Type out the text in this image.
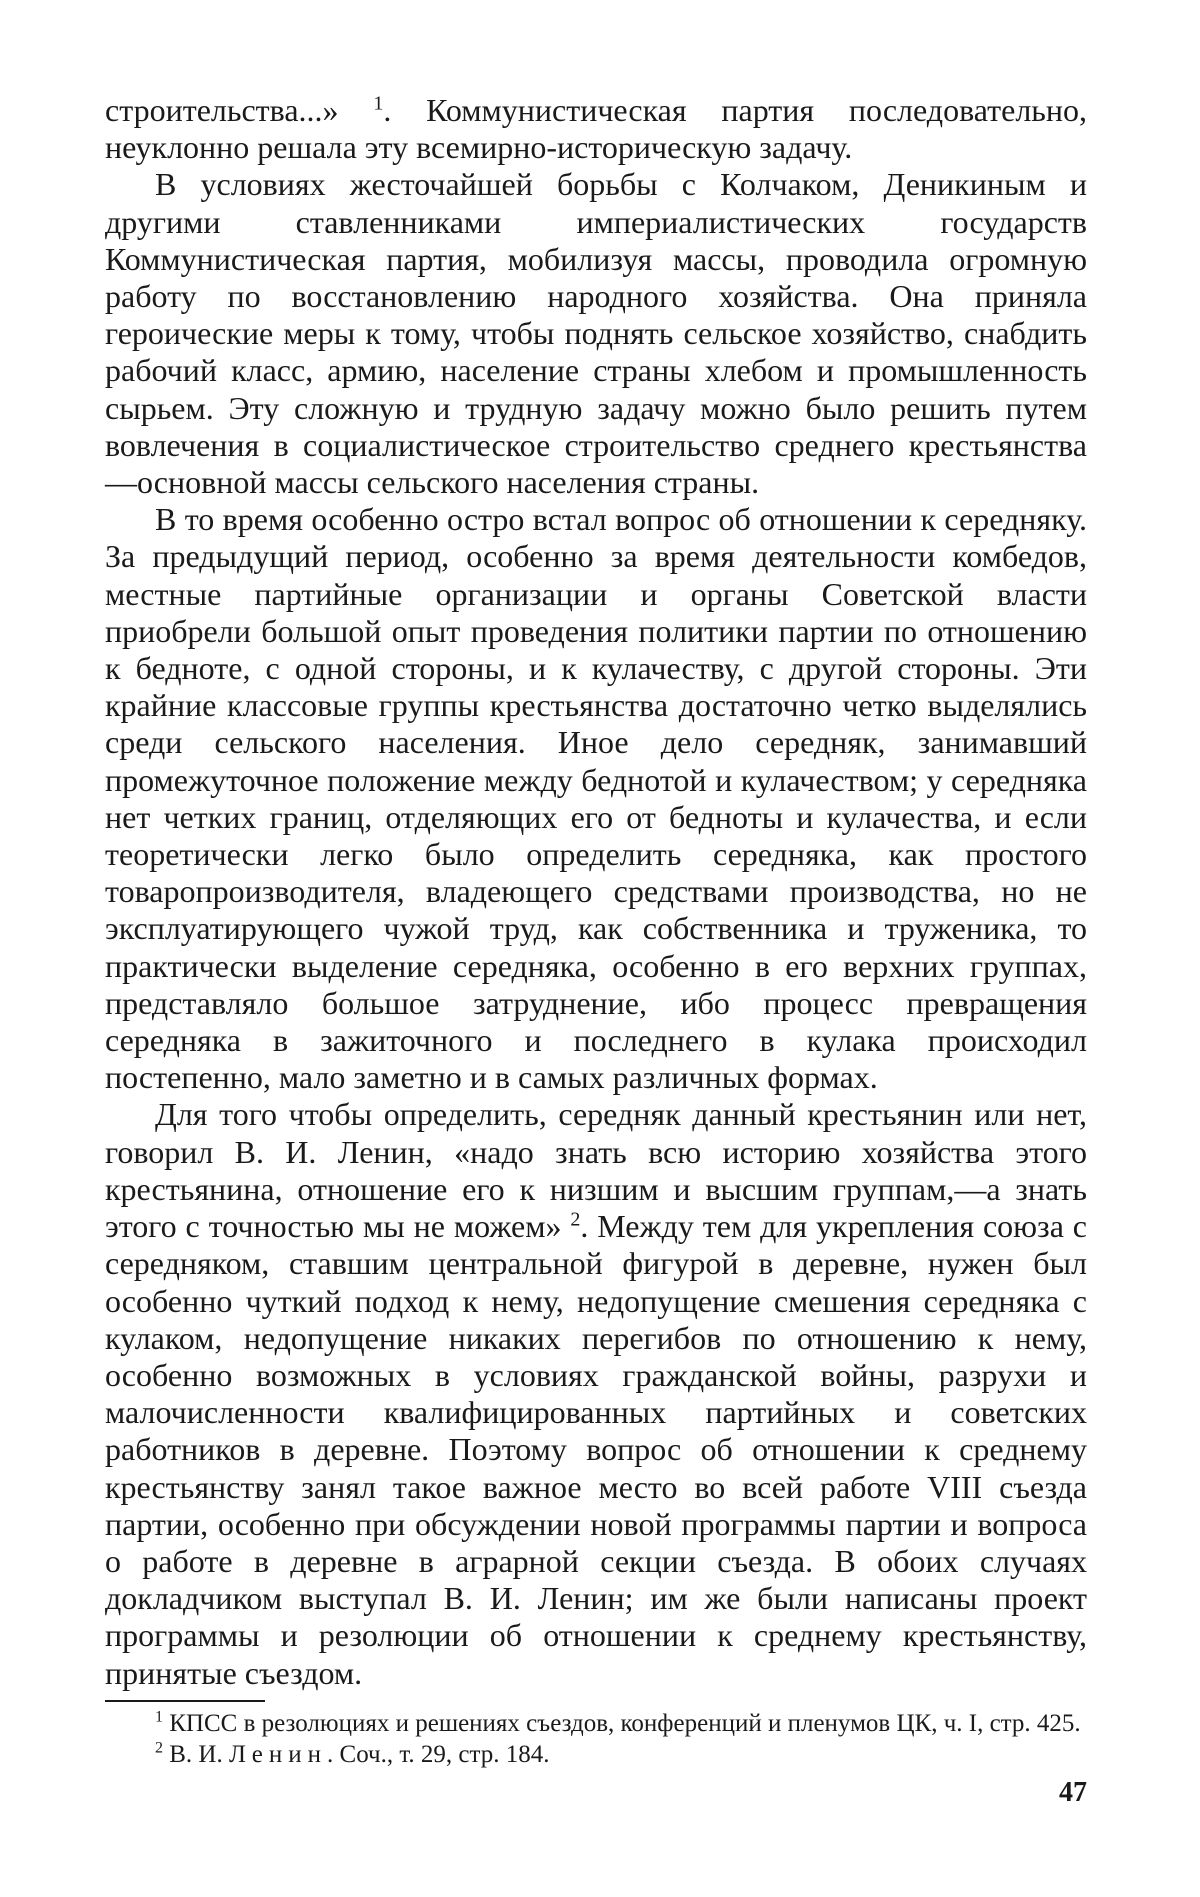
строительства...» $^1$. Коммунистическая партия последовательно, неуклонно решала эту всемирно-историческую задачу.

В условиях жесточайшей борьбы с Колчаком, Деникиным и другими ставленниками империалистических государств Коммунистическая партия, мобилизуя массы, проводила огромную работу по восстановлению народного хозяйства. Она приняла героические меры к тому, чтобы поднять сельское хозяйство, снабдить рабочий класс, армию, население страны хлебом и промышленность сырьем. Эту сложную и трудную задачу можно было решить путем вовлечения в социалистическое строительство среднего крестьянства—основной массы сельского населения страны.

В то время особенно остро встал вопрос об отношении к середняку. За предыдущий период, особенно за время деятельности комбедов, местные партийные организации и органы Советской власти приобрели большой опыт проведения политики партии по отношению к бедноте, с одной стороны, и к кулачеству, с другой стороны. Эти крайние классовые группы крестьянства достаточно четко выделялись среди сельского населения. Иное дело середняк, занимавший промежуточное положение между беднотой и кулачеством; у середняка нет четких границ, отделяющих его от бедноты и кулачества, и если теоретически легко было определить середняка, как простого товаропроизводителя, владеющего средствами производства, но не эксплуатирующего чужой труд, как собственника и труженика, то практически выделение середняка, особенно в его верхних группах, представляло большое затруднение, ибо процесс превращения середняка в зажиточного и последнего в кулака происходил постепенно, мало заметно и в самых различных формах.

Для того чтобы определить, середняк данный крестьянин или нет, говорил В. И. Ленин, «надо знать всю историю хозяйства этого крестьянина, отношение его к низшим и высшим группам,—а знать этого с точностью мы не можем» $^2$. Между тем для укрепления союза с середняком, ставшим центральной фигурой в деревне, нужен был особенно чуткий подход к нему, недопущение смешения середняка с кулаком, недопущение никаких перегибов по отношению к нему, особенно возможных в условиях гражданской войны, разрухи и малочисленности квалифицированных партийных и советских работников в деревне. Поэтому вопрос об отношении к среднему крестьянству занял такое важное место во всей работе VIII съезда партии, особенно при обсуждении новой программы партии и вопроса о работе в деревне в аграрной секции съезда. В обоих случаях докладчиком выступал В. И. Ленин; им же были написаны проект программы и резолюции об отношении к среднему крестьянству, принятые съездом.

$^1$ КПСС в резолюциях и решениях съездов, конференций и пленумов ЦК, ч. I, стр. 425.

$^2$ В. И. Ленин. Соч., т. 29, стр. 184.

47
